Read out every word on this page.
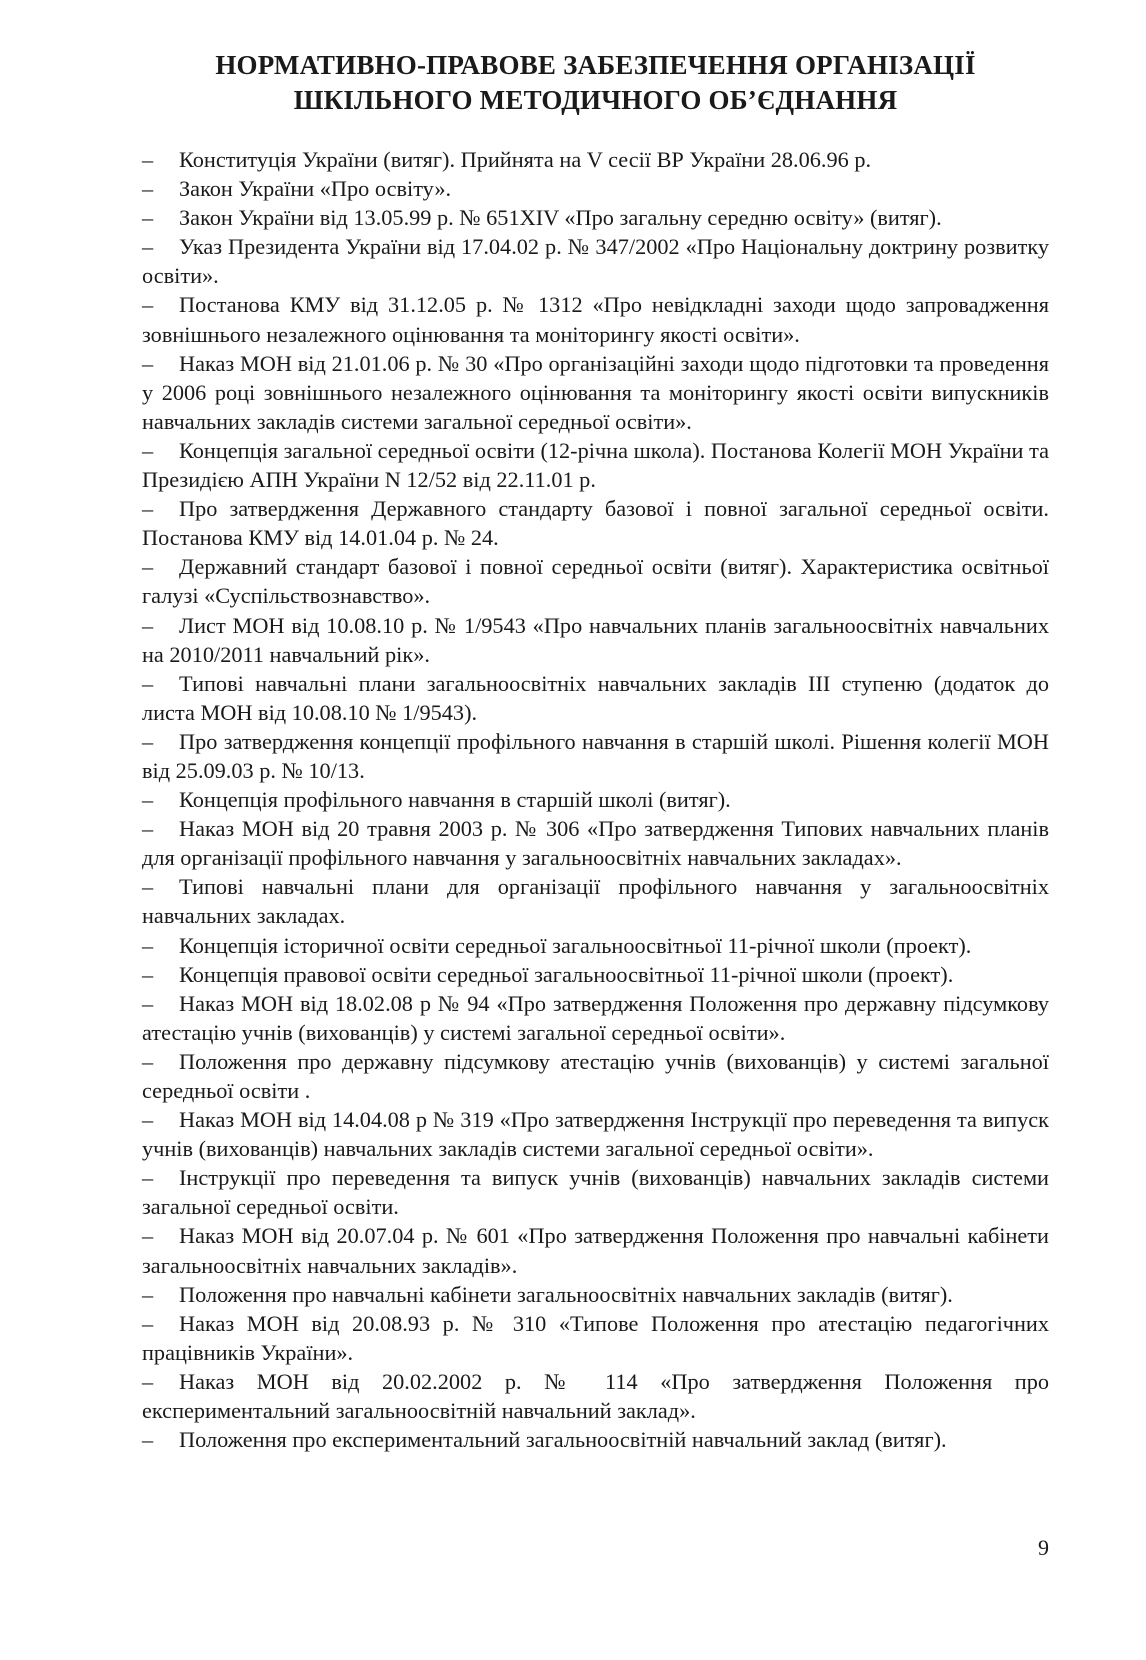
НОРМАТИВНО-ПРАВОВЕ ЗАБЕЗПЕЧЕННЯ ОРГАНІЗАЦІЇ
ШКІЛЬНОГО МЕТОДИЧНОГО ОБ’ЄДНАННЯ
– Конституція України (витяг). Прийнята на V сесії ВР України 28.06.96 р.
– Закон України «Про освіту».
– Закон України від 13.05.99 р. № 651XIV «Про загальну середню освіту» (витяг).
– Указ Президента України від 17.04.02 р. № 347/2002 «Про Національну доктрину розвитку освіти».
– Постанова КМУ від 31.12.05 р. № 1312 «Про невідкладні заходи щодо запровадження зовнішнього незалежного оцінювання та моніторингу якості освіти».
– Наказ МОН від 21.01.06 р. № 30 «Про організаційні заходи щодо підготовки та проведення у 2006 році зовнішнього незалежного оцінювання та моніторингу якості освіти випускників навчальних закладів системи загальної середньої освіти».
– Концепція загальної середньої освіти (12-річна школа). Постанова Колегії МОН України та Президією АПН України N 12/52 від 22.11.01 р.
– Про затвердження Державного стандарту базової і повної загальної середньої освіти. Постанова КМУ від 14.01.04 р. № 24.
– Державний стандарт базової і повної середньої освіти (витяг). Характеристика освітньої галузі «Суспільствознавство».
– Лист МОН від 10.08.10 р. № 1/9543 «Про навчальних планів загальноосвітніх навчальних на 2010/2011 навчальний рік».
– Типові навчальні плани загальноосвітніх навчальних закладів III ступеню (додаток до листа МОН від 10.08.10 № 1/9543).
– Про затвердження концепції профільного навчання в старшій школі. Рішення колегії МОН від 25.09.03 р. № 10/13.
– Концепція профільного навчання в старшій школі (витяг).
– Наказ МОН від 20 травня 2003 р. № 306 «Про затвердження Типових навчальних планів для організації профільного навчання у загальноосвітніх навчальних закладах».
– Типові навчальні плани для організації профільного навчання у загальноосвітніх навчальних закладах.
– Концепція історичної освіти середньої загальноосвітньої 11-річної школи (проект).
– Концепція правової освіти середньої загальноосвітньої 11-річної школи (проект).
– Наказ МОН від 18.02.08 р № 94 «Про затвердження Положення про державну підсумкову атестацію учнів (вихованців) у системі загальної середньої освіти».
– Положення про державну підсумкову атестацію учнів (вихованців) у системі загальної середньої освіти .
– Наказ МОН від 14.04.08 р № 319 «Про затвердження Інструкції про переведення та випуск учнів (вихованців) навчальних закладів системи загальної середньої освіти».
– Інструкції про переведення та випуск учнів (вихованців) навчальних закладів системи загальної середньої освіти.
– Наказ МОН від 20.07.04 р. № 601 «Про затвердження Положення про навчальні кабінети загальноосвітніх навчальних закладів».
– Положення про навчальні кабінети загальноосвітніх навчальних закладів (витяг).
– Наказ МОН від 20.08.93 р. № 310 «Типове Положення про атестацію педагогічних працівників України».
– Наказ МОН від 20.02.2002 р. № 114 «Про затвердження Положення про експериментальний загальноосвітній навчальний заклад».
– Положення про експериментальний загальноосвітній навчальний заклад (витяг).
9
